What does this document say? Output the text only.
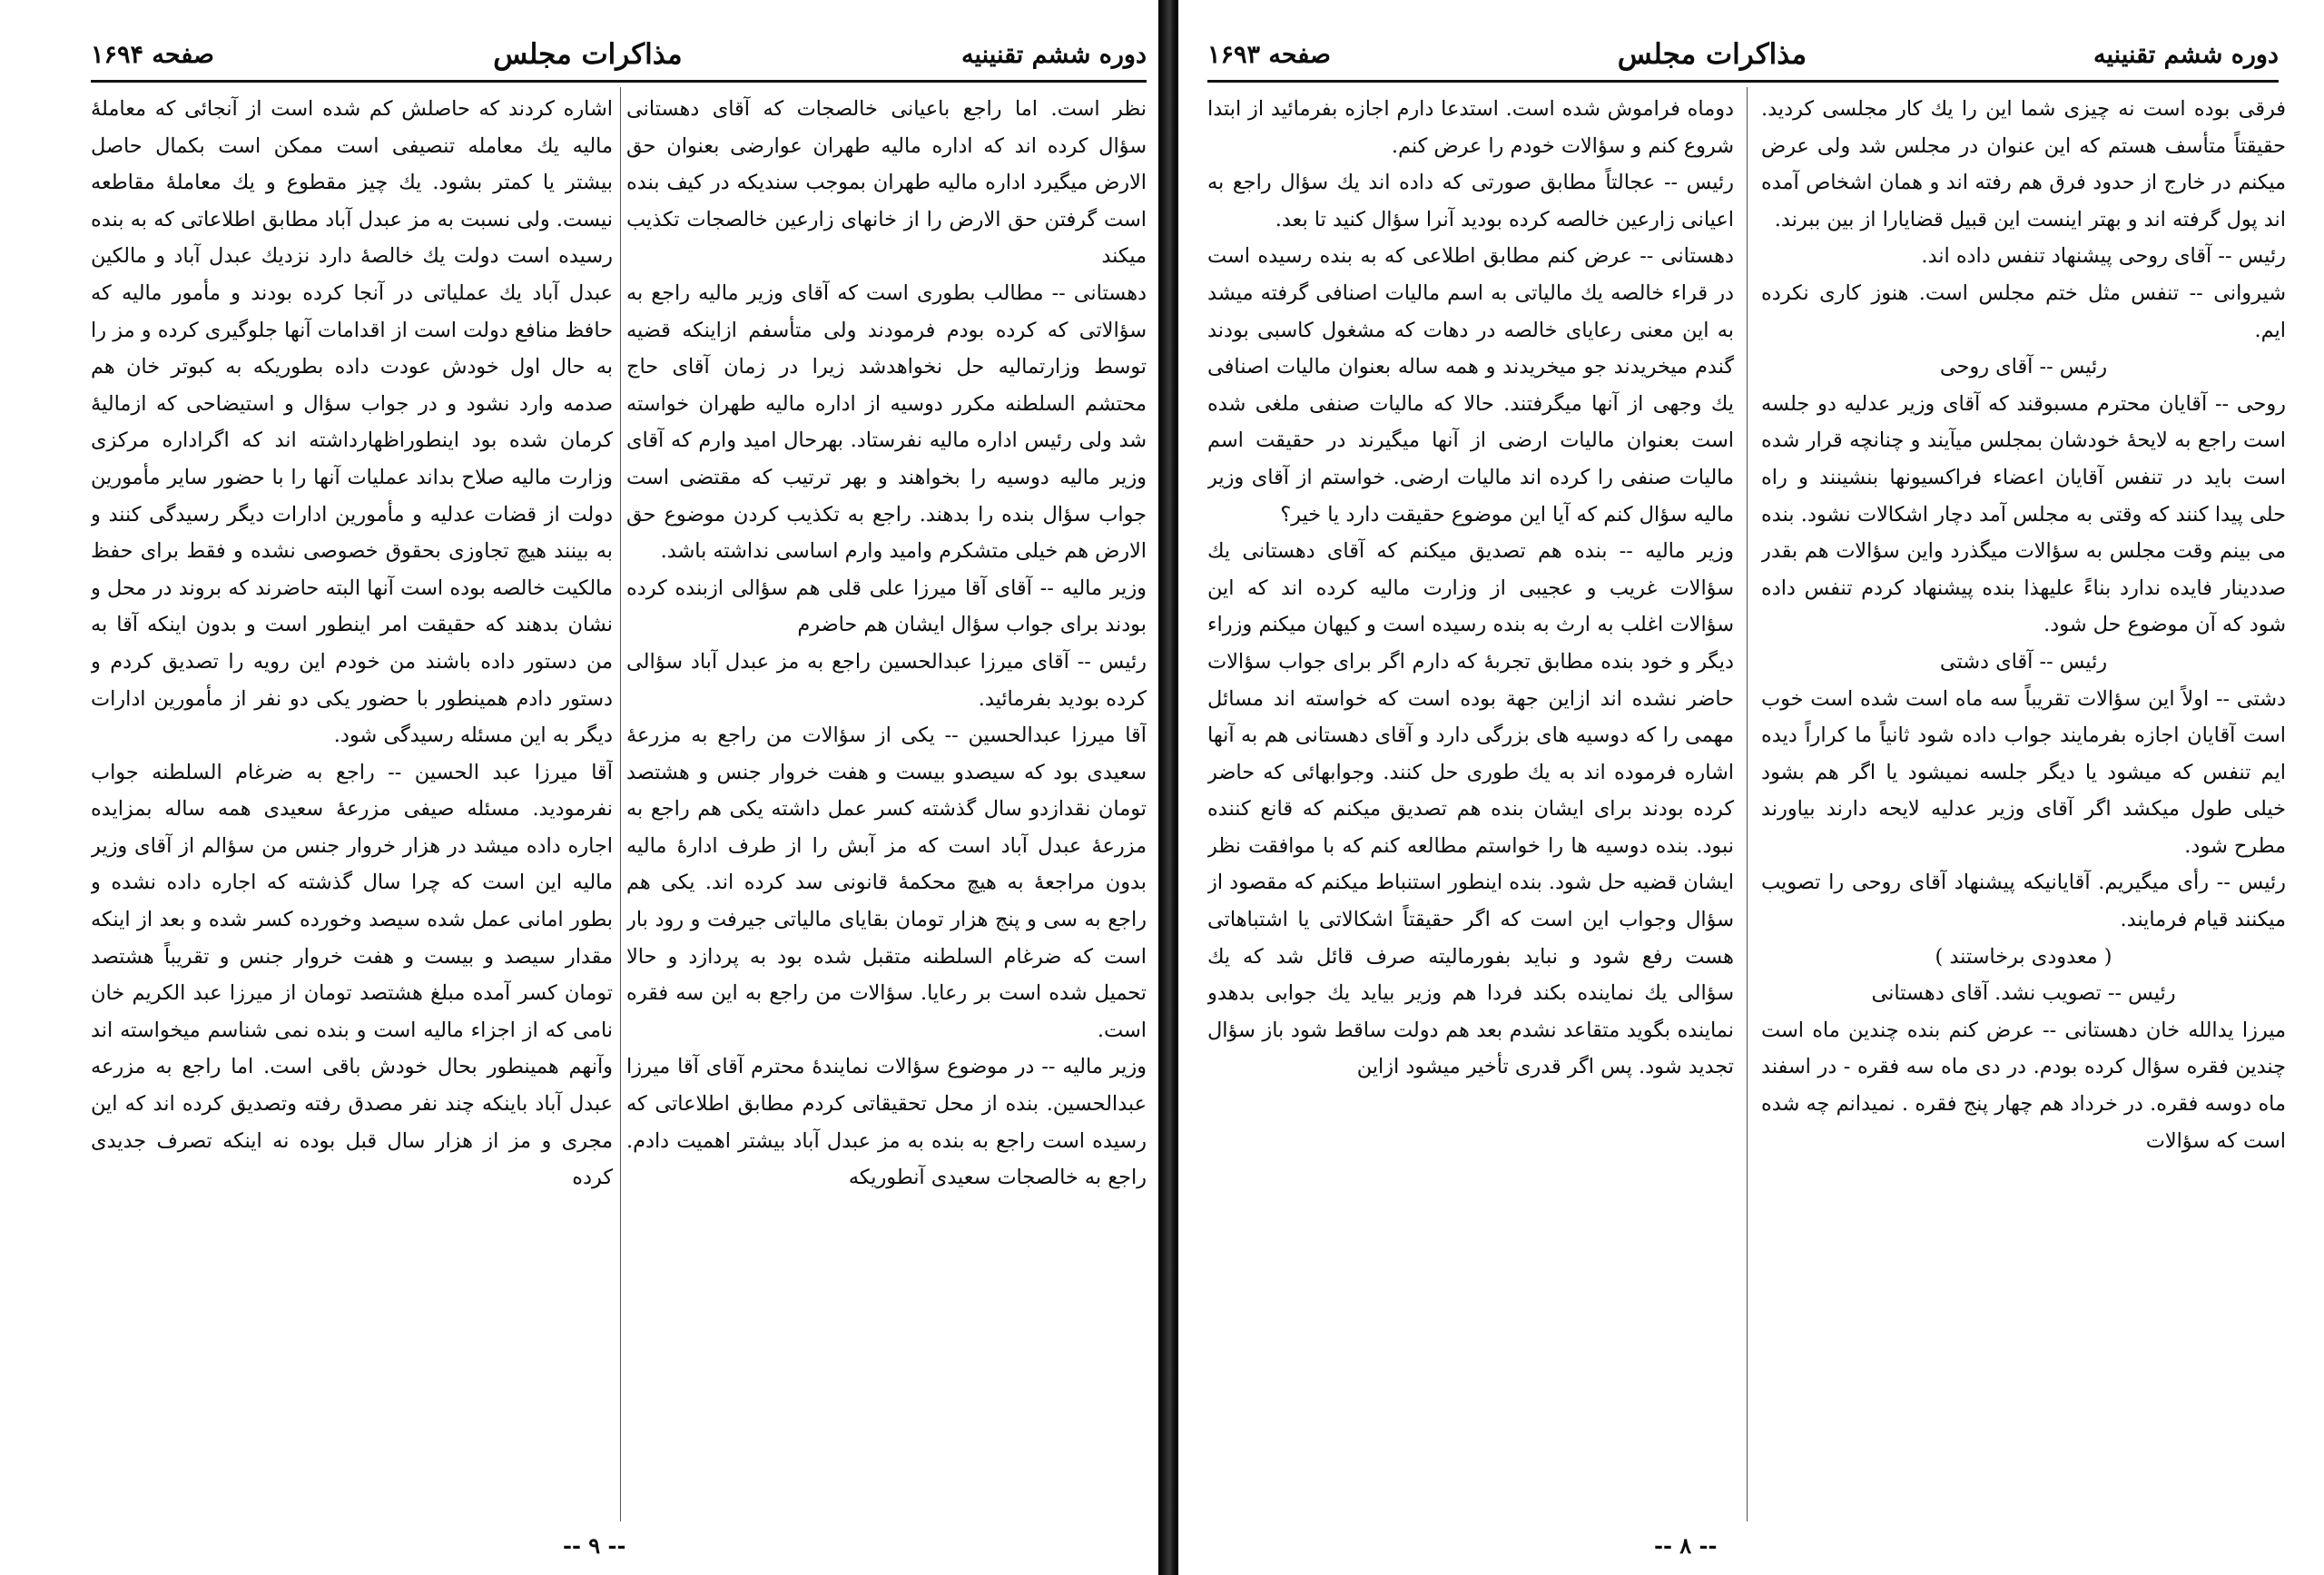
دوره ششم تقنینیه
مذاکرات مجلس
صفحه ۱۶۹۴

نظر است. اما راجع باعیانی خالصجات كه آقای دهستانی سؤال كرده اند كه اداره مالیه طهران عوارضی بعنوان حق الارض میگیرد اداره مالیه طهران بموجب سندیكه در كیف بنده است گرفتن حق الارض را از خانهای زارعین خالصجات تكذیب میكند

دهستانی -- مطالب بطوری است كه آقای وزیر مالیه راجع به سؤالاتی كه كرده بودم فرمودند ولی متأسفم ازاینكه قضیه توسط وزارتمالیه حل نخواهدشد زیرا در زمان آقای حاج محتشم السلطنه مكرر دوسیه از اداره مالیه طهران خواسته شد ولی رئیس اداره مالیه نفرستاد. بهرحال امید وارم كه آقای وزیر مالیه دوسیه را بخواهند و بهر ترتیب كه مقتضی است جواب سؤال بنده را بدهند. راجع به تكذیب كردن موضوع حق الارض هم خیلی متشكرم وامید وارم اساسی نداشته باشد.

وزیر مالیه -- آقای آقا میرزا علی قلی هم سؤالی ازبنده كرده بودند برای جواب سؤال ایشان هم حاضرم

رئیس -- آقای میرزا عبدالحسین راجع به مز عبدل آباد سؤالی كرده بودید بفرمائید.

آقا میرزا عبدالحسین -- یكی از سؤالات من راجع به مزرعهٔ سعیدی بود كه سیصدو بیست و هفت خروار جنس و هشتصد تومان نقدازدو سال گذشته كسر عمل داشته یكی هم راجع به مزرعهٔ عبدل آباد است كه مز آبش را از طرف ادارهٔ مالیه بدون مراجعهٔ به هیچ محكمهٔ قانونی سد كرده اند. یكی هم راجع به سی و پنج هزار تومان بقایای مالیاتی جیرفت و رود بار است كه ضرغام السلطنه متقبل شده بود به پردازد و حالا تحمیل شده است بر رعایا. سؤالات من راجع به این سه فقره است.

وزیر مالیه -- در موضوع سؤالات نمایندهٔ محترم آقای آقا میرزا عبدالحسین. بنده از محل تحقیقاتی كردم مطابق اطلاعاتی كه رسیده است راجع به بنده به مز عبدل آباد بیشتر اهمیت دادم. راجع به خالصجات سعیدی آنطوریكه

اشاره كردند كه حاصلش كم شده است از آنجائی كه معاملهٔ مالیه یك معامله تنصیفی است ممكن است بكمال حاصل بیشتر یا كمتر بشود. یك چیز مقطوع و یك معاملهٔ مقاطعه نیست. ولی نسبت به مز عبدل آباد مطابق اطلاعاتی كه به بنده رسیده است دولت یك خالصهٔ دارد نزدیك عبدل آباد و مالكین عبدل آباد یك عملیاتی در آنجا كرده بودند و مأمور مالیه كه حافظ منافع دولت است از اقدامات آنها جلوگیری كرده و مز را به حال اول خودش عودت داده بطوریكه به كبوتر خان هم صدمه وارد نشود و در جواب سؤال و استیضاحی كه ازمالیهٔ كرمان شده بود اینطوراظهارداشته اند كه اگراداره مركزی وزارت مالیه صلاح بداند عملیات آنها را با حضور سایر مأمورین دولت از قضات عدلیه و مأمورین ادارات دیگر رسیدگی كنند و به بینند هیچ تجاوزی بحقوق خصوصی نشده و فقط برای حفظ مالكیت خالصه بوده است آنها البته حاضرند كه بروند در محل و نشان بدهند كه حقیقت امر اینطور است و بدون اینكه آقا به من دستور داده باشند من خودم این رویه را تصدیق كردم و دستور دادم همینطور با حضور یكی دو نفر از مأمورین ادارات دیگر به این مسئله رسیدگی شود.

آقا میرزا عبد الحسین -- راجع به ضرغام السلطنه جواب نفرمودید. مسئله صیفی مزرعهٔ سعیدی همه ساله بمزایده اجاره داده میشد در هزار خروار جنس من سؤالم از آقای وزیر مالیه این است كه چرا سال گذشته كه اجاره داده نشده و بطور امانی عمل شده سیصد وخورده كسر شده و بعد از اینكه مقدار سیصد و بیست و هفت خروار جنس و تقریباً هشتصد تومان كسر آمده مبلغ هشتصد تومان از میرزا عبد الكریم خان نامی كه از اجزاء مالیه است و بنده نمی شناسم میخواسته اند وآنهم همینطور بحال خودش باقی است. اما راجع به مزرعه عبدل آباد باینكه چند نفر مصدق رفته وتصدیق كرده اند كه این مجری و مز از هزار سال قبل بوده نه اینكه تصرف جدیدی كرده

-- ۹ --
دوره ششم تقنینیه
مذاکرات مجلس
صفحه ۱۶۹۳

فرقی بوده است نه چیزی شما این را یك كار مجلسی كردید. حقیقتاً متأسف هستم كه این عنوان در مجلس شد ولی عرض میکنم در خارج از حدود فرق هم رفته اند و همان اشخاص آمده اند پول گرفته اند و بهتر اینست این قبیل قضایارا از بین ببرند.

رئیس -- آقای روحی پیشنهاد تنفس داده اند.

شیروانی -- تنفس مثل ختم مجلس است. هنوز کاری نکرده ایم.

رئیس -- آقای روحی

روحی -- آقایان محترم مسبوقند كه آقای وزیر عدلیه دو جلسه است راجع به لایحهٔ خودشان بمجلس میآیند و چنانچه قرار شده است باید در تنفس آقایان اعضاء فراكسیونها بنشینند و راه حلی پیدا كنند كه وقتی به مجلس آمد دچار اشكالات نشود. بنده می بینم وقت مجلس به سؤالات میگذرد واین سؤالات هم بقدر صددینار فایده ندارد بناءً علیهذا بنده پیشنهاد كردم تنفس داده شود كه آن موضوع حل شود.

رئیس -- آقای دشتی

دشتی -- اولاً این سؤالات تقریباً سه ماه است شده است خوب است آقایان اجازه بفرمایند جواب داده شود ثانیاً ما كراراً دیده ایم تنفس كه میشود یا دیگر جلسه نمیشود یا اگر هم بشود خیلی طول میكشد اگر آقای وزیر عدلیه لایحه دارند بیاورند مطرح شود.

رئیس -- رأی میگیریم. آقایانیكه پیشنهاد آقای روحی را تصویب میکنند قیام فرمایند.

( معدودی برخاستند )

رئیس -- تصویب نشد. آقای دهستانی

میرزا یدالله خان دهستانی -- عرض كنم بنده چندین ماه است چندین فقره سؤال كرده بودم. در دی ماه سه فقره - در اسفند ماه دوسه فقره. در خرداد هم چهار پنج فقره . نمیدانم چه شده است كه سؤالات

دوماه فراموش شده است. استدعا دارم اجازه بفرمائید از ابتدا شروع كنم و سؤالات خودم را عرض كنم.

رئیس -- عجالتاً مطابق صورتی كه داده اند یك سؤال راجع به اعیانی زارعین خالصه كرده بودید آنرا سؤال كنید تا بعد.

دهستانی -- عرض كنم مطابق اطلاعی كه به بنده رسیده است در قراء خالصه یك مالیاتی به اسم مالیات اصنافی گرفته میشد به این معنی رعایای خالصه در دهات كه مشغول كاسبی بودند گندم میخریدند جو میخریدند و همه ساله بعنوان مالیات اصنافی یك وجهی از آنها میگرفتند. حالا كه مالیات صنفی ملغی شده است بعنوان مالیات ارضی از آنها میگیرند در حقیقت اسم مالیات صنفی را كرده اند مالیات ارضی. خواستم از آقای وزیر مالیه سؤال كنم كه آیا این موضوع حقیقت دارد یا خیر؟

وزیر مالیه -- بنده هم تصدیق میکنم كه آقای دهستانی یك سؤالات غریب و عجیبی از وزارت مالیه كرده اند كه این سؤالات اغلب به ارث به بنده رسیده است و كیهان میكنم وزراء دیگر و خود بنده مطابق تجربهٔ كه دارم اگر برای جواب سؤالات حاضر نشده اند ازاین جهة بوده است كه خواسته اند مسائل مهمی را كه دوسیه های بزرگی دارد و آقای دهستانی هم به آنها اشاره فرموده اند به یك طوری حل كنند. وجوابهائی كه حاضر كرده بودند برای ایشان بنده هم تصدیق میكنم كه قانع كننده نبود. بنده دوسیه ها را خواستم مطالعه كنم كه با موافقت نظر ایشان قضیه حل شود. بنده اینطور استنباط میكنم كه مقصود از سؤال وجواب این است كه اگر حقیقتاً اشكالاتی یا اشتباهاتی هست رفع شود و نباید بفورمالیته صرف قائل شد كه یك سؤالی یك نماینده بكند فردا هم وزیر بیاید یك جوابی بدهدو نماینده بگوید متقاعد نشدم بعد هم دولت ساقط شود باز سؤال تجدید شود. پس اگر قدری تأخیر میشود ازاین

-- ۸ --
